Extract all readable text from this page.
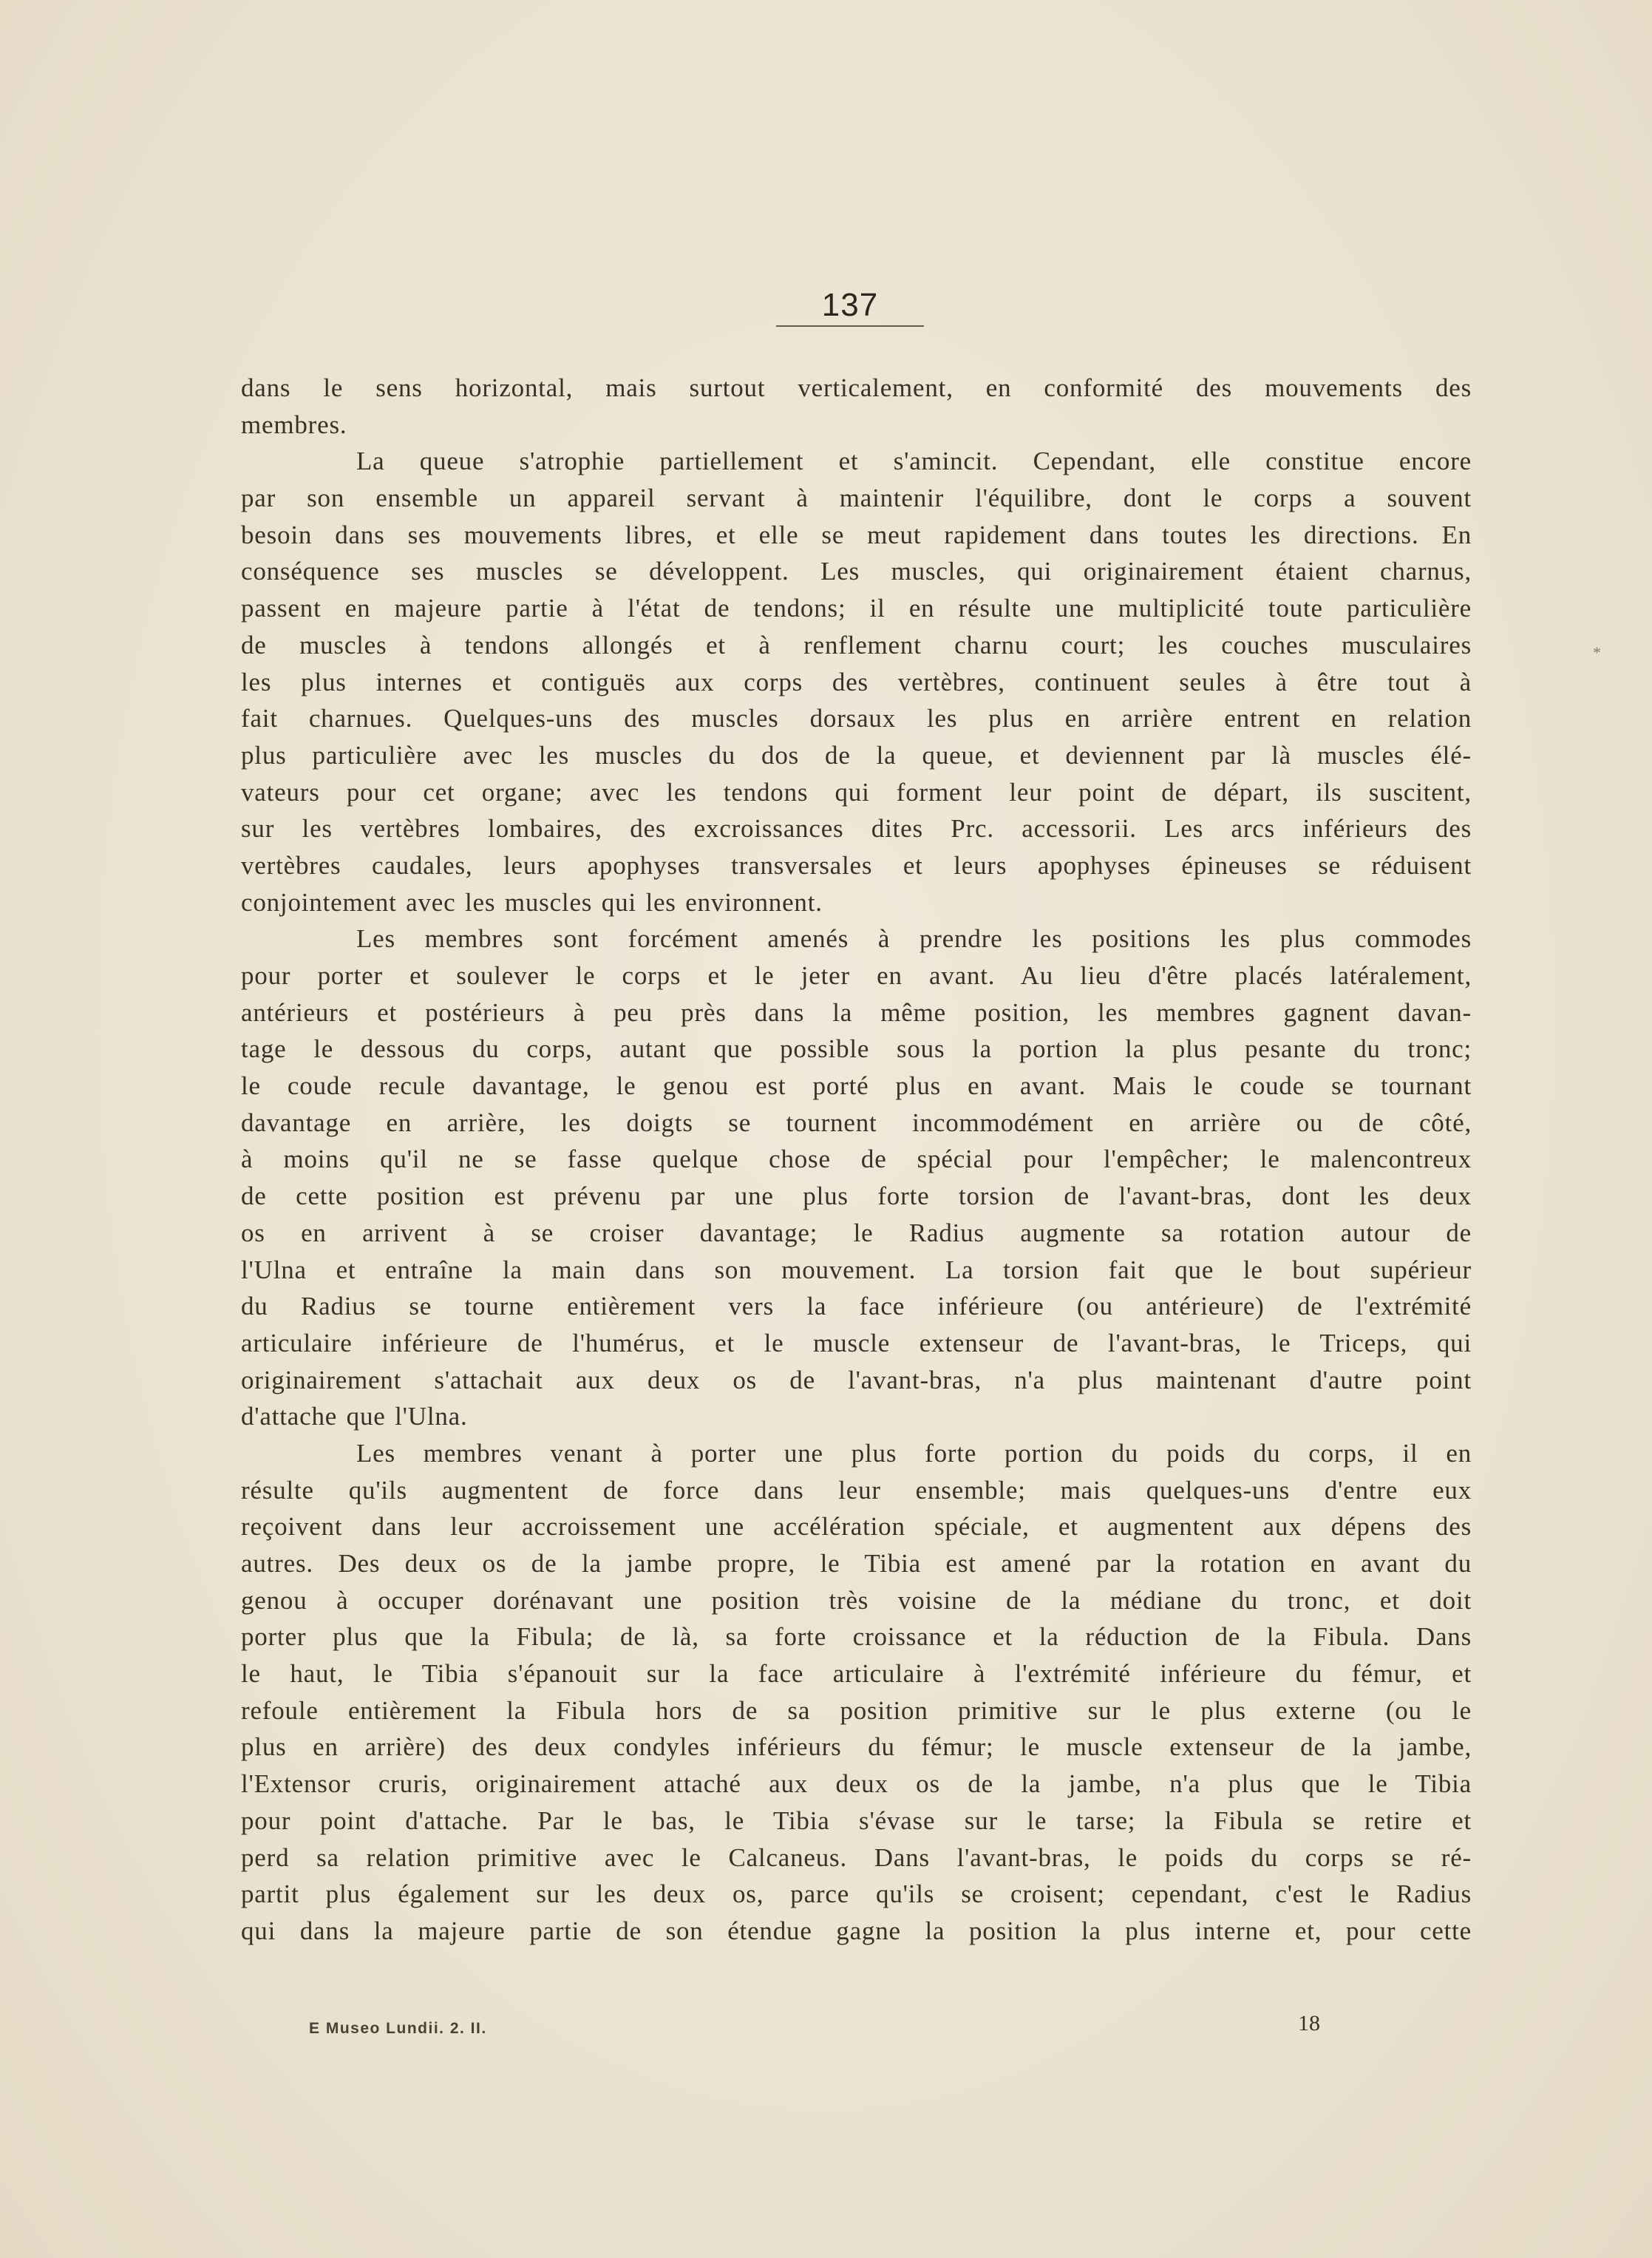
137
dans le sens horizontal, mais surtout verticalement, en conformité des mouvements des
membres.
La queue s'atrophie partiellement et s'amincit. Cependant, elle constitue encore
par son ensemble un appareil servant à maintenir l'équilibre, dont le corps a souvent
besoin dans ses mouvements libres, et elle se meut rapidement dans toutes les directions. En
conséquence ses muscles se développent. Les muscles, qui originairement étaient charnus,
passent en majeure partie à l'état de tendons; il en résulte une multiplicité toute particulière
de muscles à tendons allongés et à renflement charnu court; les couches musculaires
les plus internes et contiguës aux corps des vertèbres, continuent seules à être tout à
fait charnues. Quelques-uns des muscles dorsaux les plus en arrière entrent en relation
plus particulière avec les muscles du dos de la queue, et deviennent par là muscles élé-
vateurs pour cet organe; avec les tendons qui forment leur point de départ, ils suscitent,
sur les vertèbres lombaires, des excroissances dites Prc. accessorii. Les arcs inférieurs des
vertèbres caudales, leurs apophyses transversales et leurs apophyses épineuses se réduisent
conjointement avec les muscles qui les environnent.
Les membres sont forcément amenés à prendre les positions les plus commodes
pour porter et soulever le corps et le jeter en avant. Au lieu d'être placés latéralement,
antérieurs et postérieurs à peu près dans la même position, les membres gagnent davan-
tage le dessous du corps, autant que possible sous la portion la plus pesante du tronc;
le coude recule davantage, le genou est porté plus en avant. Mais le coude se tournant
davantage en arrière, les doigts se tournent incommodément en arrière ou de côté,
à moins qu'il ne se fasse quelque chose de spécial pour l'empêcher; le malencontreux
de cette position est prévenu par une plus forte torsion de l'avant-bras, dont les deux
os en arrivent à se croiser davantage; le Radius augmente sa rotation autour de
l'Ulna et entraîne la main dans son mouvement. La torsion fait que le bout supérieur
du Radius se tourne entièrement vers la face inférieure (ou antérieure) de l'extrémité
articulaire inférieure de l'humérus, et le muscle extenseur de l'avant-bras, le Triceps, qui
originairement s'attachait aux deux os de l'avant-bras, n'a plus maintenant d'autre point
d'attache que l'Ulna.
Les membres venant à porter une plus forte portion du poids du corps, il en
résulte qu'ils augmentent de force dans leur ensemble; mais quelques-uns d'entre eux
reçoivent dans leur accroissement une accélération spéciale, et augmentent aux dépens des
autres. Des deux os de la jambe propre, le Tibia est amené par la rotation en avant du
genou à occuper dorénavant une position très voisine de la médiane du tronc, et doit
porter plus que la Fibula; de là, sa forte croissance et la réduction de la Fibula. Dans
le haut, le Tibia s'épanouit sur la face articulaire à l'extrémité inférieure du fémur, et
refoule entièrement la Fibula hors de sa position primitive sur le plus externe (ou le
plus en arrière) des deux condyles inférieurs du fémur; le muscle extenseur de la jambe,
l'Extensor cruris, originairement attaché aux deux os de la jambe, n'a plus que le Tibia
pour point d'attache. Par le bas, le Tibia s'évase sur le tarse; la Fibula se retire et
perd sa relation primitive avec le Calcaneus. Dans l'avant-bras, le poids du corps se ré-
partit plus également sur les deux os, parce qu'ils se croisent; cependant, c'est le Radius
qui dans la majeure partie de son étendue gagne la position la plus interne et, pour cette
*
E Museo Lundii. 2. II.	18
